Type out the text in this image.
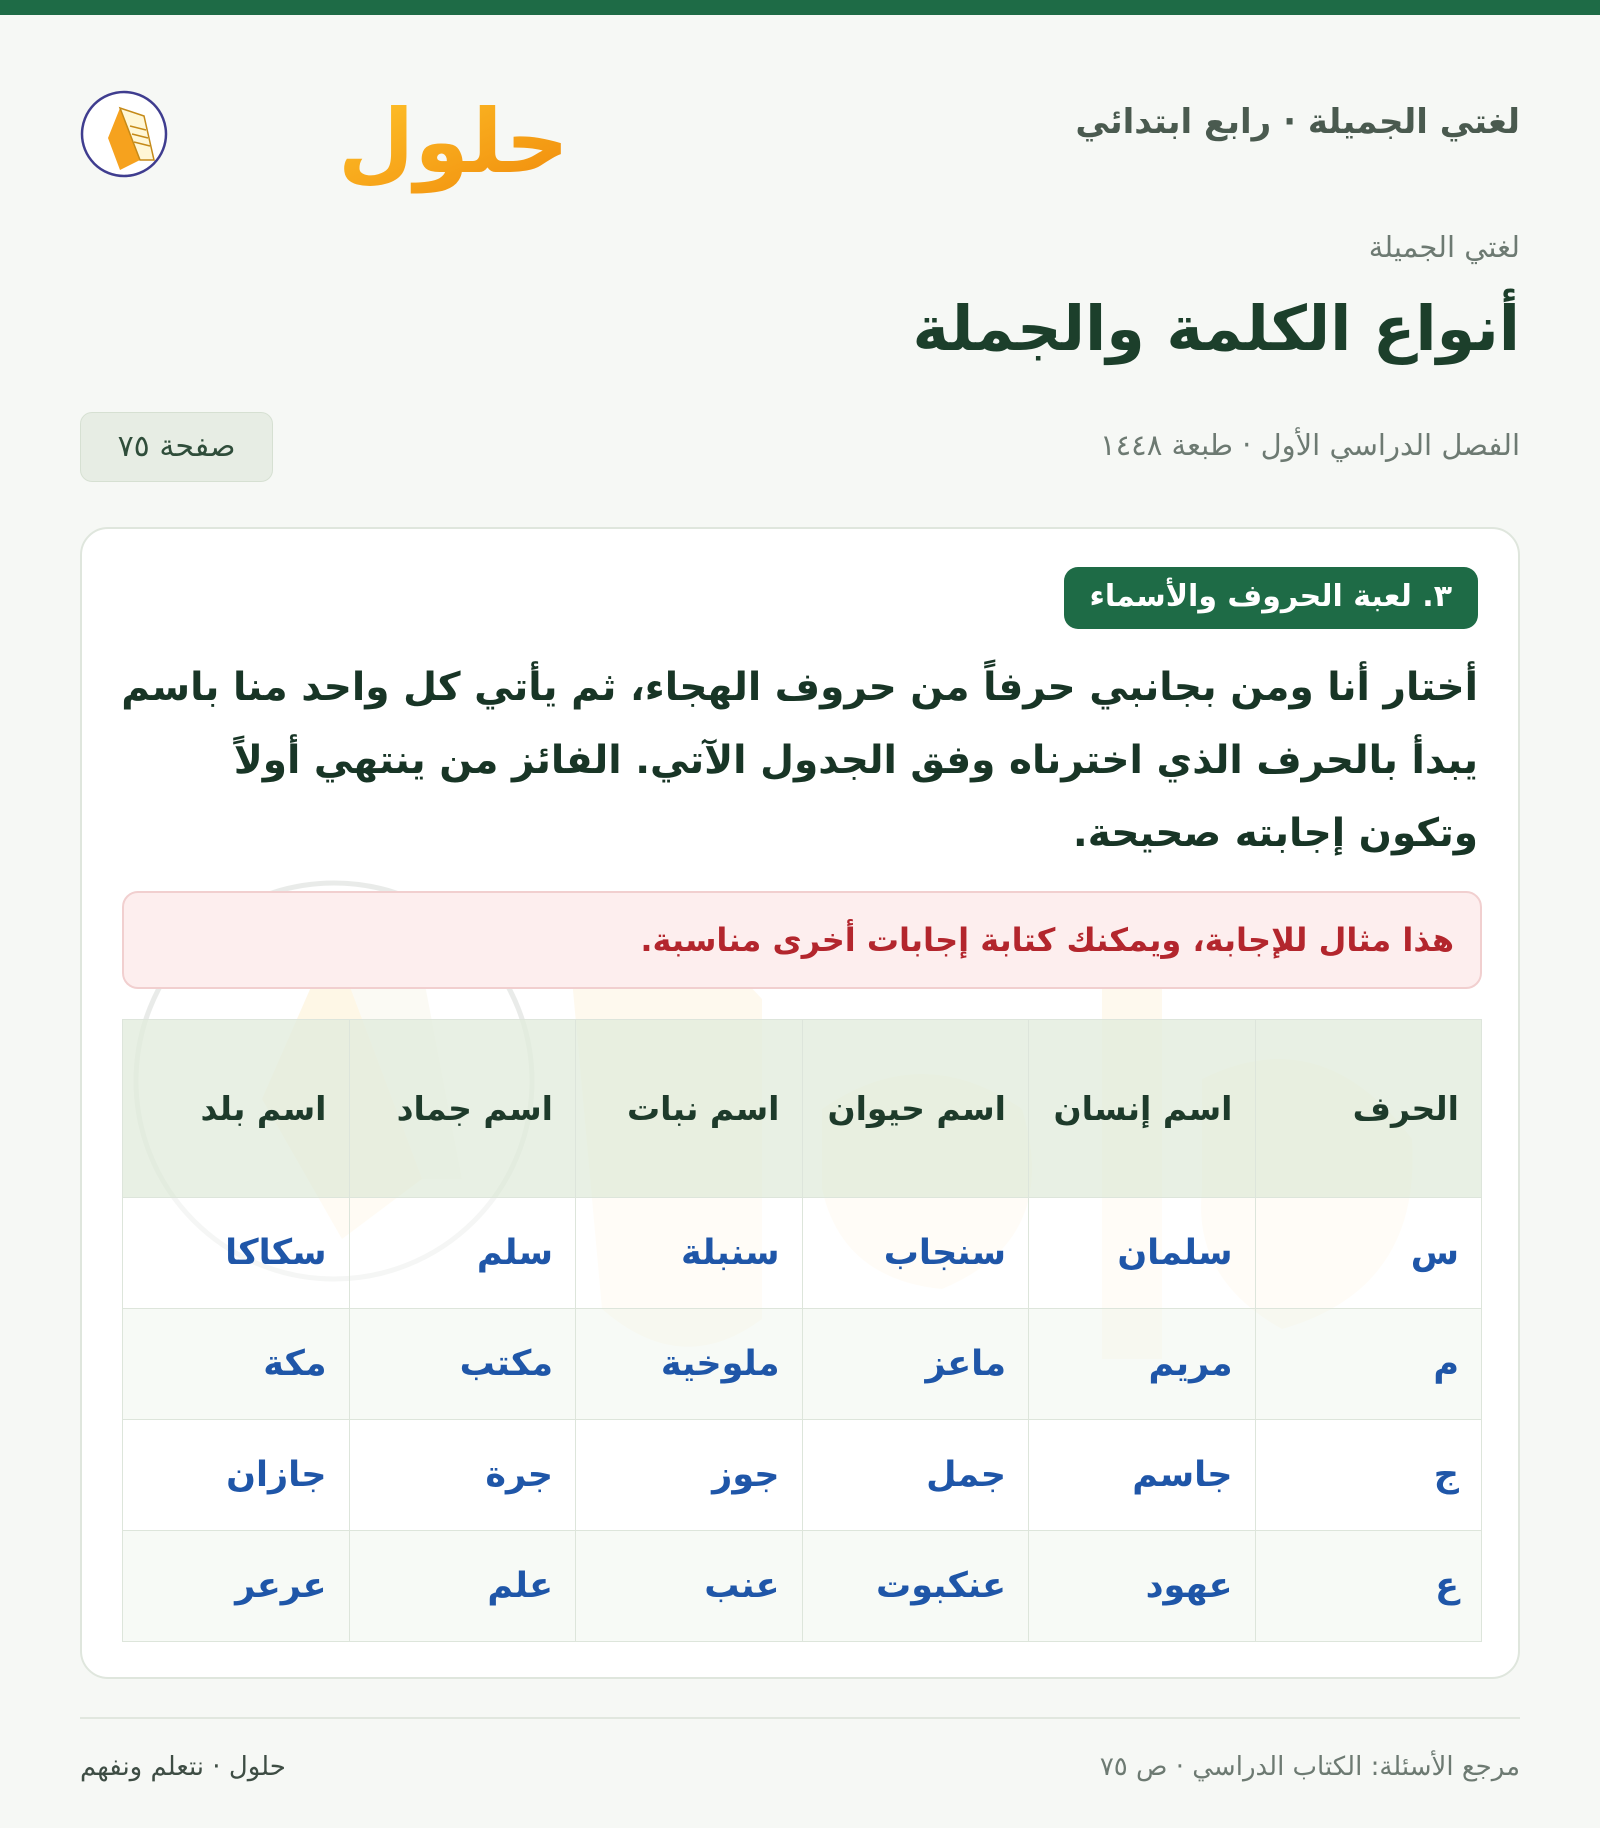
لغتي الجميلة · رابع ابتدائي
حلول
لغتي الجميلة
أنواع الكلمة والجملة
الفصل الدراسي الأول · طبعة ١٤٤٨
صفحة ٧٥
٣. لعبة الحروف والأسماء

أختار أنا ومن بجانبي حرفاً من حروف الهجاء، ثم يأتي كل واحد منا باسم يبدأ بالحرف الذي اخترناه وفق الجدول الآتي. الفائز من ينتهي أولاً وتكون إجابته صحيحة.

هذا مثال للإجابة، ويمكنك كتابة إجابات أخرى مناسبة.
الحرف	اسم إنسان	اسم حيوان	اسم نبات	اسم جماد	اسم بلد
س	سلمان	سنجاب	سنبلة	سلم	سكاكا
م	مريم	ماعز	ملوخية	مكتب	مكة
ج	جاسم	جمل	جوز	جرة	جازان
ع	عهود	عنكبوت	عنب	علم	عرعر
مرجع الأسئلة: الكتاب الدراسي · ص ٧٥
حلول · نتعلم ونفهم
